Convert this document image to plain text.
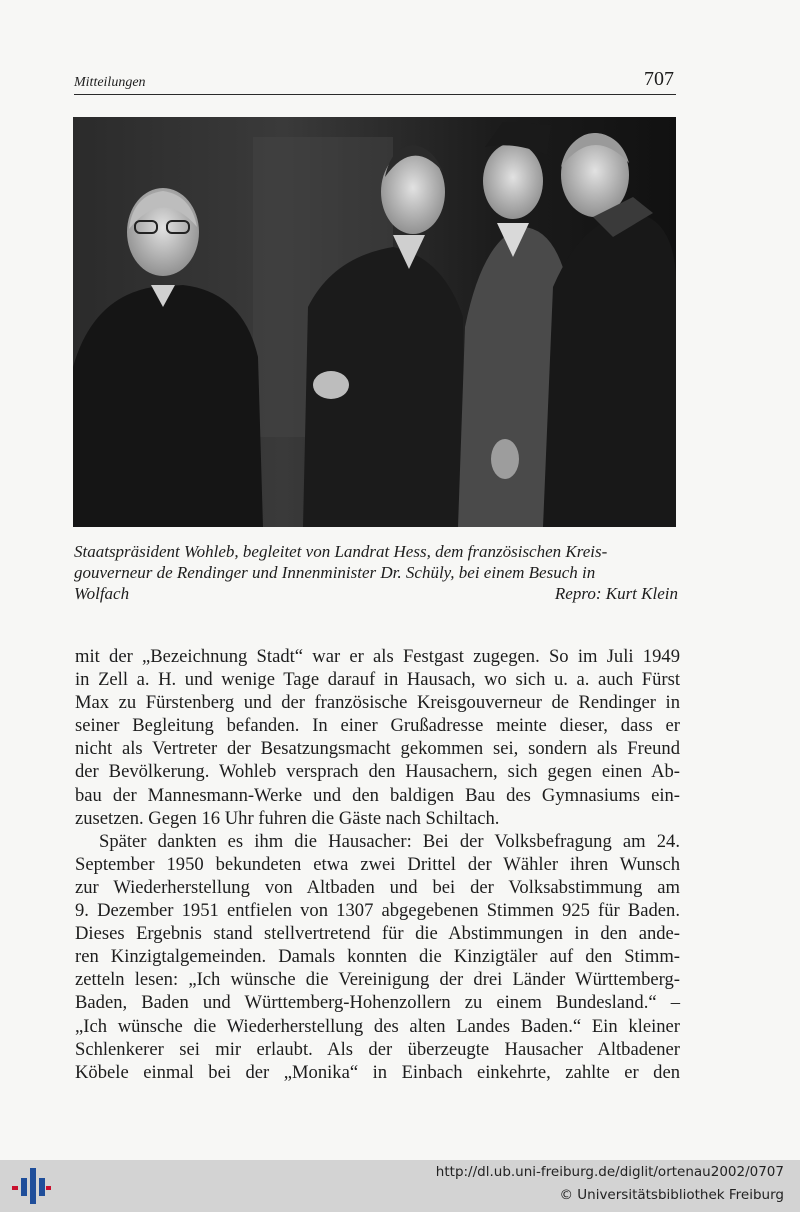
Mitteilungen	707
Staatspräsident Wohleb, begleitet von Landrat Hess, dem französischen Kreis-
gouverneur de Rendinger und Innenminister Dr. Schüly, bei einem Besuch in
Wolfach	Repro: Kurt Klein
mit der „Bezeichnung Stadt“ war er als Festgast zugegen. So im Juli 1949
in Zell a. H. und wenige Tage darauf in Hausach, wo sich u. a. auch Fürst
Max zu Fürstenberg und der französische Kreisgouverneur de Rendinger in
seiner Begleitung befanden. In einer Grußadresse meinte dieser, dass er
nicht als Vertreter der Besatzungsmacht gekommen sei, sondern als Freund
der Bevölkerung. Wohleb versprach den Hausachern, sich gegen einen Ab-
bau der Mannesmann-Werke und den baldigen Bau des Gymnasiums ein-
zusetzen. Gegen 16 Uhr fuhren die Gäste nach Schiltach.
Später dankten es ihm die Hausacher: Bei der Volksbefragung am 24.
September 1950 bekundeten etwa zwei Drittel der Wähler ihren Wunsch
zur Wiederherstellung von Altbaden und bei der Volksabstimmung am
9. Dezember 1951 entfielen von 1307 abgegebenen Stimmen 925 für Baden.
Dieses Ergebnis stand stellvertretend für die Abstimmungen in den ande-
ren Kinzigtalgemeinden. Damals konnten die Kinzigtäler auf den Stimm-
zetteln lesen: „Ich wünsche die Vereinigung der drei Länder Württemberg-
Baden, Baden und Württemberg-Hohenzollern zu einem Bundesland.“ –
„Ich wünsche die Wiederherstellung des alten Landes Baden.“ Ein kleiner
Schlenkerer sei mir erlaubt. Als der überzeugte Hausacher Altbadener
Köbele einmal bei der „Monika“ in Einbach einkehrte, zahlte er den
http://dl.ub.uni-freiburg.de/diglit/ortenau2002/0707
© Universitätsbibliothek Freiburg
